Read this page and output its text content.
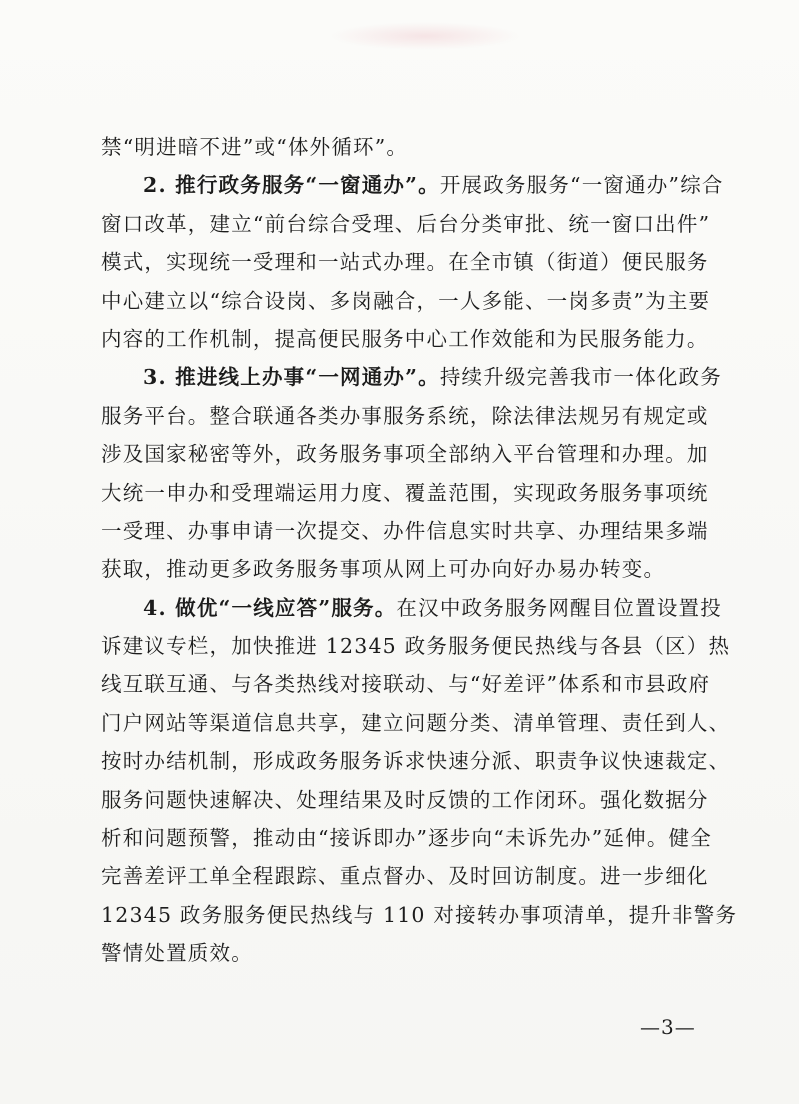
禁“明进暗不进”或“体外循环”。
2. 推行政务服务“一窗通办”。开展政务服务“一窗通办”综合
窗口改革，建立“前台综合受理、后台分类审批、统一窗口出件”
模式，实现统一受理和一站式办理。在全市镇（街道）便民服务
中心建立以“综合设岗、多岗融合，一人多能、一岗多责”为主要
内容的工作机制，提高便民服务中心工作效能和为民服务能力。
3. 推进线上办事“一网通办”。持续升级完善我市一体化政务
服务平台。整合联通各类办事服务系统，除法律法规另有规定或
涉及国家秘密等外，政务服务事项全部纳入平台管理和办理。加
大统一申办和受理端运用力度、覆盖范围，实现政务服务事项统
一受理、办事申请一次提交、办件信息实时共享、办理结果多端
获取，推动更多政务服务事项从网上可办向好办易办转变。
4. 做优“一线应答”服务。在汉中政务服务网醒目位置设置投
诉建议专栏，加快推进 12345 政务服务便民热线与各县（区）热
线互联互通、与各类热线对接联动、与“好差评”体系和市县政府
门户网站等渠道信息共享，建立问题分类、清单管理、责任到人、
按时办结机制，形成政务服务诉求快速分派、职责争议快速裁定、
服务问题快速解决、处理结果及时反馈的工作闭环。强化数据分
析和问题预警，推动由“接诉即办”逐步向“未诉先办”延伸。健全
完善差评工单全程跟踪、重点督办、及时回访制度。进一步细化
12345 政务服务便民热线与 110 对接转办事项清单，提升非警务
警情处置质效。
—3—
